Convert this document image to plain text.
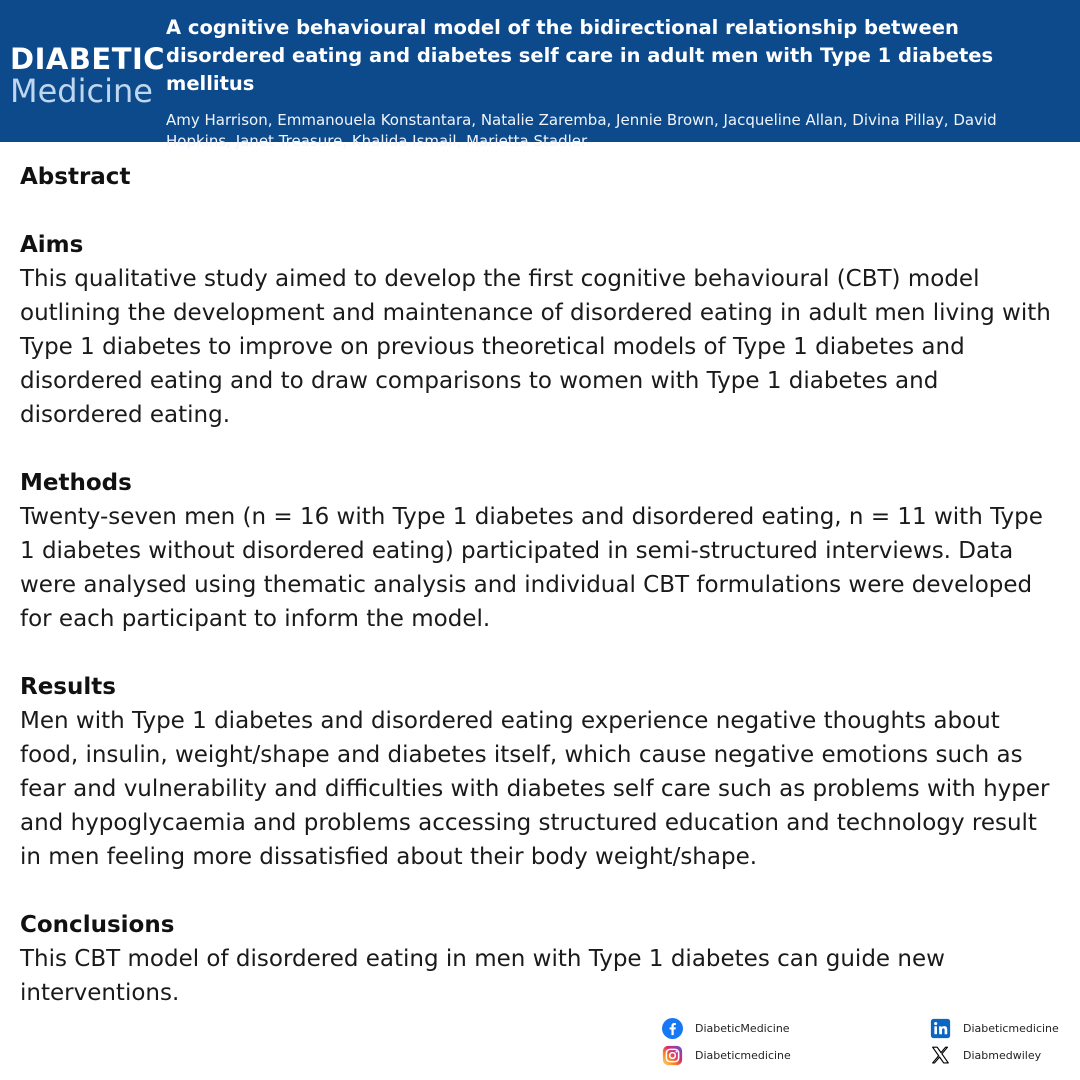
DIABETIC
Medicine
A cognitive behavioural model of the bidirectional relationship between disordered eating and diabetes self care in adult men with Type 1 diabetes mellitus
Amy Harrison, Emmanouela Konstantara, Natalie Zaremba, Jennie Brown, Jacqueline Allan, Divina Pillay, David Hopkins, Janet Treasure, Khalida Ismail, Marietta Stadler
Abstract
Aims

This qualitative study aimed to develop the first cognitive behavioural (CBT) model outlining the development and maintenance of disordered eating in adult men living with Type 1 diabetes to improve on previous theoretical models of Type 1 diabetes and disordered eating and to draw comparisons to women with Type 1 diabetes and disordered eating.

Methods

Twenty-seven men (n = 16 with Type 1 diabetes and disordered eating, n = 11 with Type 1 diabetes without disordered eating) participated in semi-structured interviews. Data were analysed using thematic analysis and individual CBT formulations were developed for each participant to inform the model.

Results

Men with Type 1 diabetes and disordered eating experience negative thoughts about food, insulin, weight/shape and diabetes itself, which cause negative emotions such as fear and vulnerability and difficulties with diabetes self care such as problems with hyper and hypoglycaemia and problems accessing structured education and technology result in men feeling more dissatisfied about their body weight/shape.

Conclusions

This CBT model of disordered eating in men with Type 1 diabetes can guide new interventions.

DiabeticMedicine
Diabeticmedicine
Diabeticmedicine
Diabmedwiley
